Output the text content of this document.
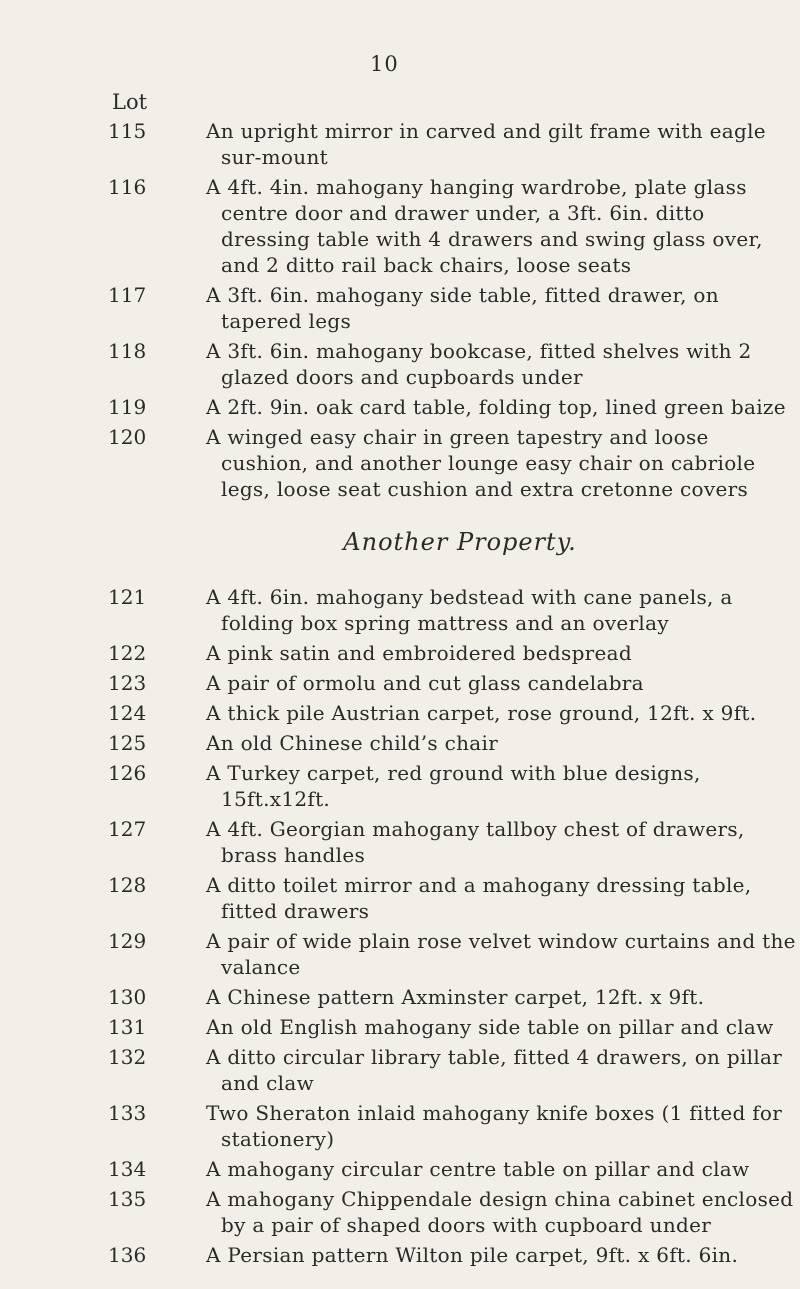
10
Lot
115	An upright mirror in carved and gilt frame with eagle sur-mount
116	A 4ft. 4in. mahogany hanging wardrobe, plate glass centre door and drawer under, a 3ft. 6in. ditto dressing table with 4 drawers and swing glass over, and 2 ditto rail back chairs, loose seats
117	A 3ft. 6in. mahogany side table, fitted drawer, on tapered legs
118	A 3ft. 6in. mahogany bookcase, fitted shelves with 2 glazed doors and cupboards under
119	A 2ft. 9in. oak card table, folding top, lined green baize
120	A winged easy chair in green tapestry and loose cushion, and another lounge easy chair on cabriole legs, loose seat cushion and extra cretonne covers
Another Property.
121	A 4ft. 6in. mahogany bedstead with cane panels, a folding box spring mattress and an overlay
122	A pink satin and embroidered bedspread
123	A pair of ormolu and cut glass candelabra
124	A thick pile Austrian carpet, rose ground, 12ft. x 9ft.
125	An old Chinese child’s chair
126	A Turkey carpet, red ground with blue designs, 15ft.x12ft.
127	A 4ft. Georgian mahogany tallboy chest of drawers, brass handles
128	A ditto toilet mirror and a mahogany dressing table, fitted drawers
129	A pair of wide plain rose velvet window curtains and the valance
130	A Chinese pattern Axminster carpet, 12ft. x 9ft.
131	An old English mahogany side table on pillar and claw
132	A ditto circular library table, fitted 4 drawers, on pillar and claw
133	Two Sheraton inlaid mahogany knife boxes (1 fitted for stationery)
134	A mahogany circular centre table on pillar and claw
135	A mahogany Chippendale design china cabinet enclosed by a pair of shaped doors with cupboard under
136	A Persian pattern Wilton pile carpet, 9ft. x 6ft. 6in.
